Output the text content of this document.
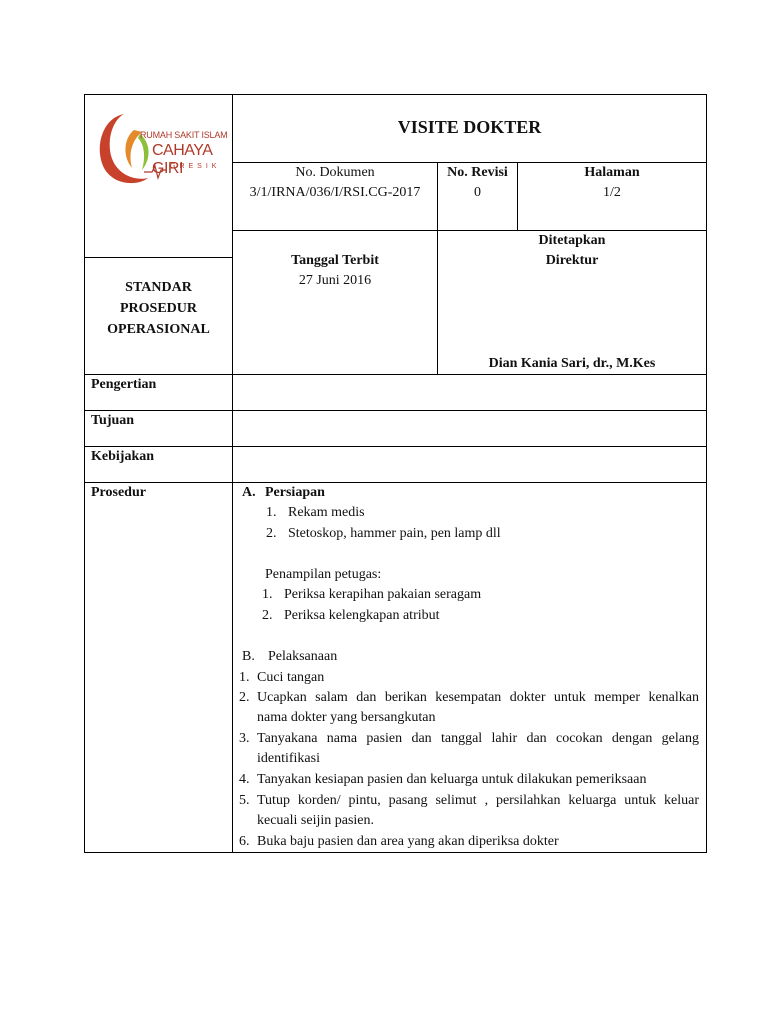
RUMAH SAKIT ISLAM
CAHAYA GIRI
GRESIK
VISITE DOKTER
No. Dokumen
3/1/IRNA/036/I/RSI.CG-2017
No. Revisi
0
Halaman
1/2
STANDAR
PROSEDUR
OPERASIONAL
Tanggal Terbit
27 Juni 2016
Ditetapkan
Direktur
Dian Kania Sari, dr., M.Kes
Pengertian
Tujuan
Kebijakan
Prosedur	A. Persiapan
1. Rekam medis
2. Stetoskop, hammer pain, pen lamp dll
Penampilan petugas:
1. Periksa kerapihan pakaian seragam
2. Periksa kelengkapan atribut
B. Pelaksanaan
1. Cuci tangan
2. Ucapkan salam dan berikan kesempatan dokter untuk memper kenalkan
nama dokter yang bersangkutan
3. Tanyakana nama pasien dan tanggal lahir dan cocokan dengan gelang
identifikasi
4. Tanyakan kesiapan pasien dan keluarga untuk dilakukan pemeriksaan
5. Tutup korden/ pintu, pasang selimut , persilahkan keluarga untuk keluar
kecuali seijin pasien.
6. Buka baju pasien dan area yang akan diperiksa dokter
